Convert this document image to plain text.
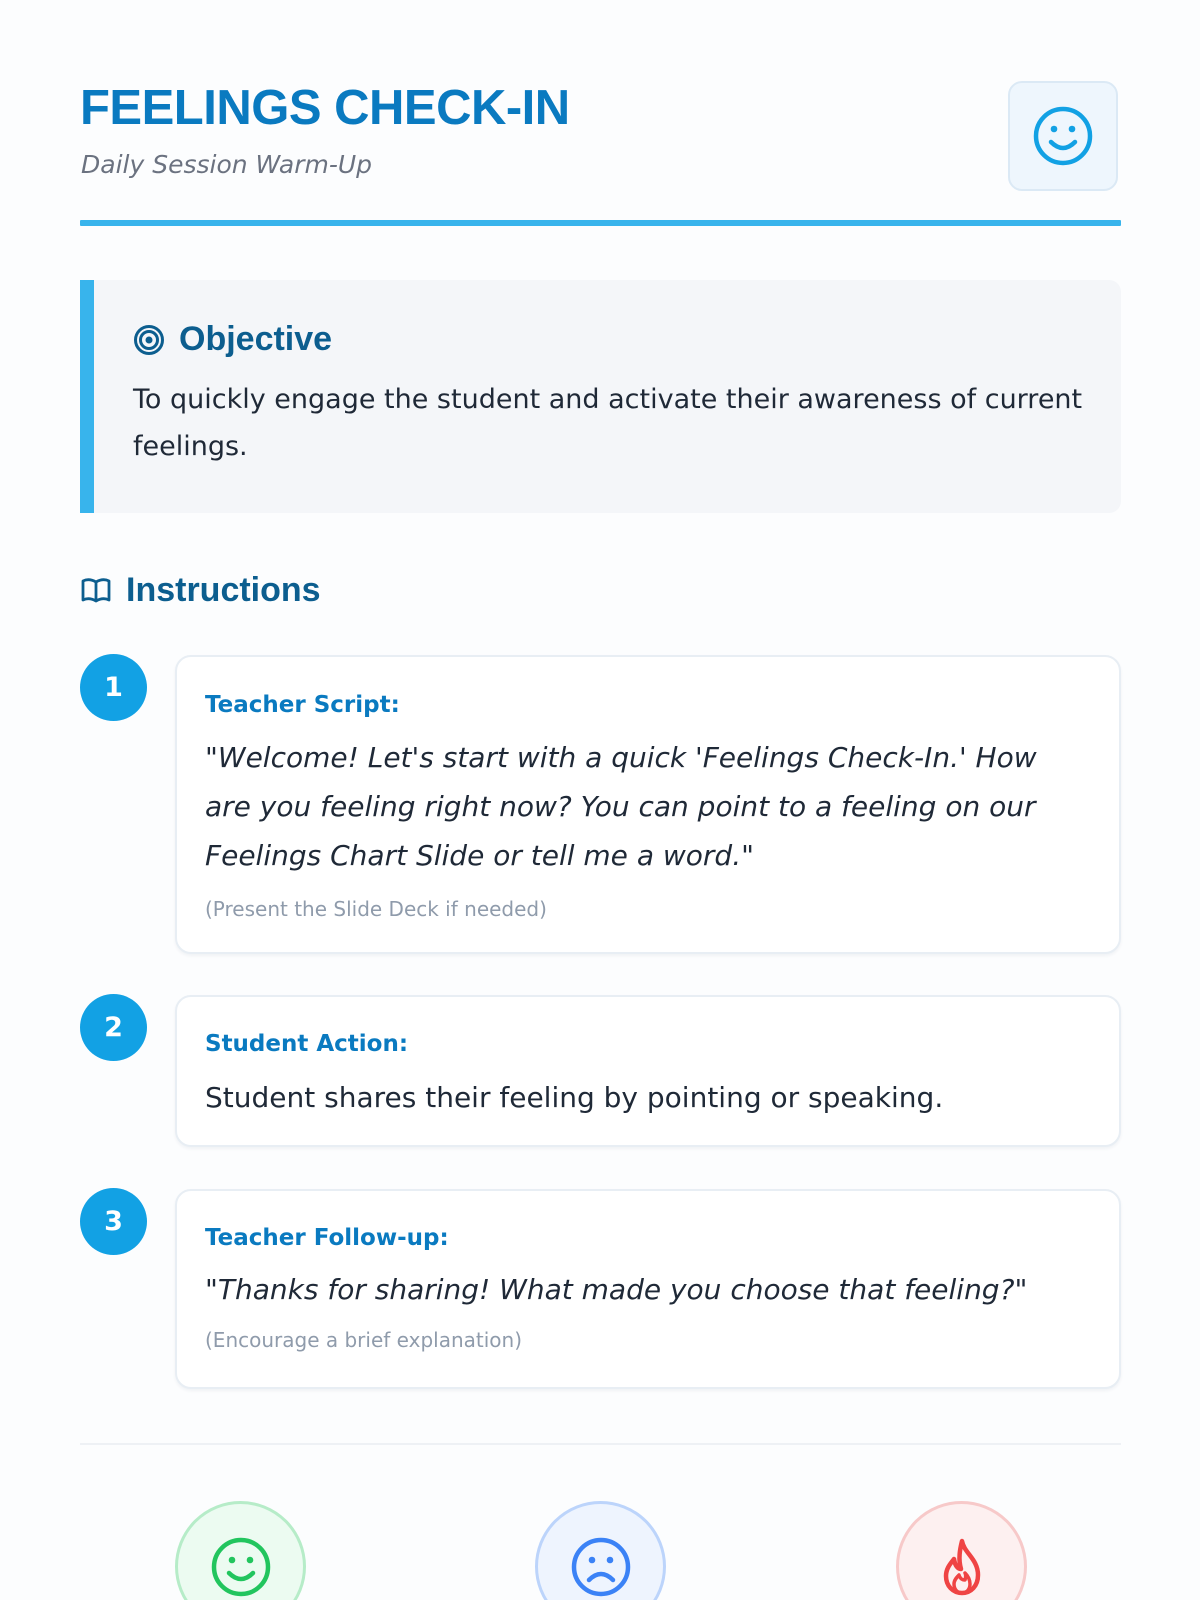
FEELINGS CHECK-IN
Daily Session Warm-Up
Objective
To quickly engage the student and activate their awareness of current feelings.
Instructions
1
Teacher Script:
"Welcome! Let's start with a quick 'Feelings Check-In.' How are you feeling right now? You can point to a feeling on our Feelings Chart Slide or tell me a word."
(Present the Slide Deck if needed)
2
Student Action:
Student shares their feeling by pointing or speaking.
3
Teacher Follow-up:
"Thanks for sharing! What made you choose that feeling?"
(Encourage a brief explanation)
